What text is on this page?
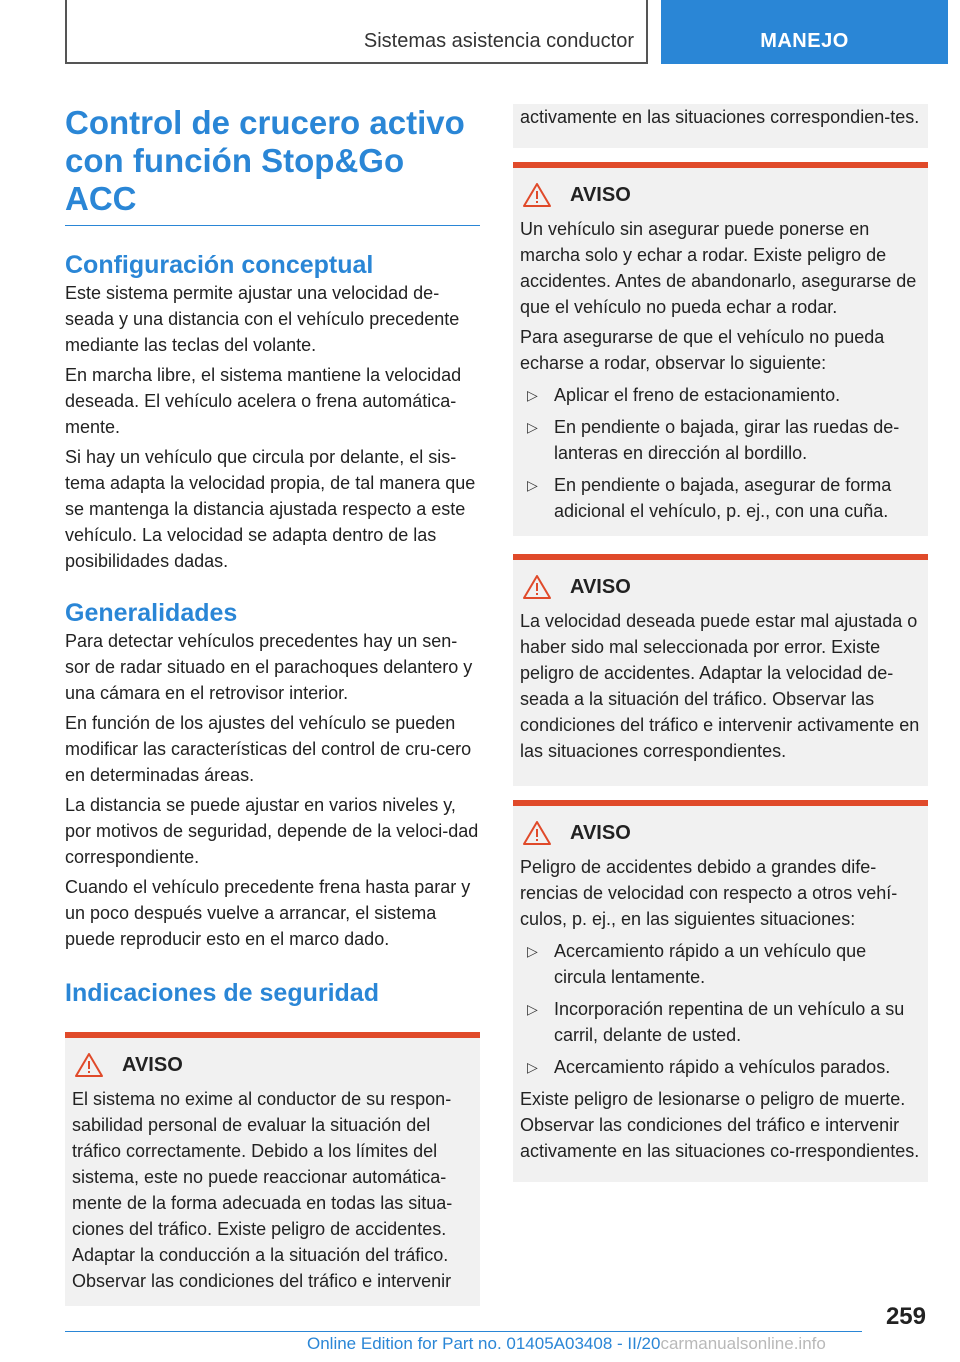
Sistemas asistencia conductor	MANEJO
Control de crucero activo
con función Stop&Go ACC
Configuración conceptual

Este sistema permite ajustar una velocidad de‐seada y una distancia con el vehículo precedente mediante las teclas del volante.

En marcha libre, el sistema mantiene la velocidad deseada. El vehículo acelera o frena automática‐mente.

Si hay un vehículo que circula por delante, el sis‐tema adapta la velocidad propia, de tal manera que se mantenga la distancia ajustada respecto a este vehículo. La velocidad se adapta dentro de las posibilidades dadas.

Generalidades

Para detectar vehículos precedentes hay un sen‐sor de radar situado en el parachoques delantero y una cámara en el retrovisor interior.

En función de los ajustes del vehículo se pueden modificar las características del control de cru‐cero en determinadas áreas.

La distancia se puede ajustar en varios niveles y, por motivos de seguridad, depende de la veloci‐dad correspondiente.

Cuando el vehículo precedente frena hasta parar y un poco después vuelve a arrancar, el sistema puede reproducir esto en el marco dado.

Indicaciones de seguridad
AVISO

El sistema no exime al conductor de su respon‐sabilidad personal de evaluar la situación del tráfico correctamente. Debido a los límites del sistema, este no puede reaccionar automática‐mente de la forma adecuada en todas las situa‐ciones del tráfico. Existe peligro de accidentes. Adaptar la conducción a la situación del tráfico. Observar las condiciones del tráfico e intervenir

activamente en las situaciones correspondien‐tes.

AVISO

Un vehículo sin asegurar puede ponerse en marcha solo y echar a rodar. Existe peligro de accidentes. Antes de abandonarlo, asegurarse de que el vehículo no pueda echar a rodar.

Para asegurarse de que el vehículo no pueda echarse a rodar, observar lo siguiente:

▷ Aplicar el freno de estacionamiento.
▷ En pendiente o bajada, girar las ruedas de‐lanteras en dirección al bordillo.
▷ En pendiente o bajada, asegurar de forma adicional el vehículo, p. ej., con una cuña.
AVISO

La velocidad deseada puede estar mal ajustada o haber sido mal seleccionada por error. Existe peligro de accidentes. Adaptar la velocidad de‐seada a la situación del tráfico. Observar las condiciones del tráfico e intervenir activamente en las situaciones correspondientes.

AVISO

Peligro de accidentes debido a grandes dife‐rencias de velocidad con respecto a otros vehí‐culos, p. ej., en las siguientes situaciones:

▷ Acercamiento rápido a un vehículo que circula lentamente.
▷ Incorporación repentina de un vehículo a su carril, delante de usted.
▷ Acercamiento rápido a vehículos parados.

Existe peligro de lesionarse o peligro de muerte. Observar las condiciones del tráfico e intervenir activamente en las situaciones co‐rrespondientes.

259
Online Edition for Part no. 01405A03408 - II/20carmanualsonline.info
